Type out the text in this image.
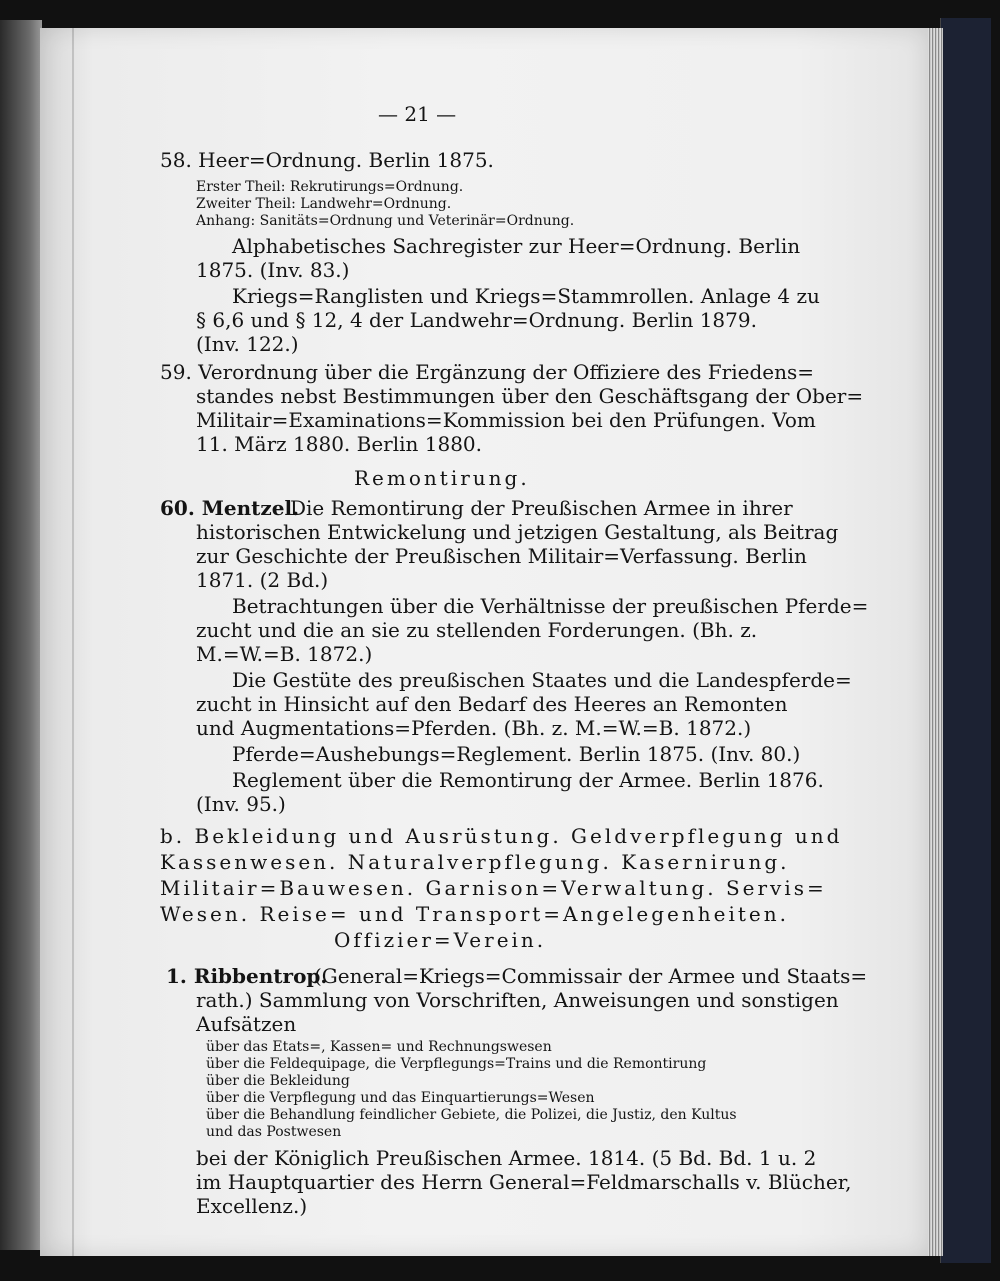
— 21 —
58. Heer=Ordnung. Berlin 1875.
Erster Theil: Rekrutirungs=Ordnung.
Zweiter Theil: Landwehr=Ordnung.
Anhang: Sanitäts=Ordnung und Veterinär=Ordnung.
Alphabetisches Sachregister zur Heer=Ordnung. Berlin
1875. (Inv. 83.)
Kriegs=Ranglisten und Kriegs=Stammrollen. Anlage 4 zu
§ 6,6 und § 12, 4 der Landwehr=Ordnung. Berlin 1879.
(Inv. 122.)
59. Verordnung über die Ergänzung der Offiziere des Friedens=
standes nebst Bestimmungen über den Geschäftsgang der Ober=
Militair=Examinations=Kommission bei den Prüfungen. Vom
11. März 1880. Berlin 1880.
Remontirung.
60. Mentzel.
Die Remontirung der Preußischen Armee in ihrer
historischen Entwickelung und jetzigen Gestaltung, als Beitrag
zur Geschichte der Preußischen Militair=Verfassung. Berlin
1871. (2 Bd.)
Betrachtungen über die Verhältnisse der preußischen Pferde=
zucht und die an sie zu stellenden Forderungen. (Bh. z.
M.=W.=B. 1872.)
Die Gestüte des preußischen Staates und die Landespferde=
zucht in Hinsicht auf den Bedarf des Heeres an Remonten
und Augmentations=Pferden. (Bh. z. M.=W.=B. 1872.)
Pferde=Aushebungs=Reglement. Berlin 1875. (Inv. 80.)
Reglement über die Remontirung der Armee. Berlin 1876.
(Inv. 95.)
b. Bekleidung und Ausrüstung. Geldverpflegung und
Kassenwesen. Naturalverpflegung. Kasernirung.
Militair=Bauwesen. Garnison=Verwaltung. Servis=
Wesen. Reise= und Transport=Angelegenheiten.
Offizier=Verein.
1. Ribbentrop.
(General=Kriegs=Commissair der Armee und Staats=
rath.) Sammlung von Vorschriften, Anweisungen und sonstigen
Aufsätzen
über das Etats=, Kassen= und Rechnungswesen
über die Feldequipage, die Verpflegungs=Trains und die Remontirung
über die Bekleidung
über die Verpflegung und das Einquartierungs=Wesen
über die Behandlung feindlicher Gebiete, die Polizei, die Justiz, den Kultus
und das Postwesen
bei der Königlich Preußischen Armee. 1814. (5 Bd. Bd. 1 u. 2
im Hauptquartier des Herrn General=Feldmarschalls v. Blücher,
Excellenz.)
